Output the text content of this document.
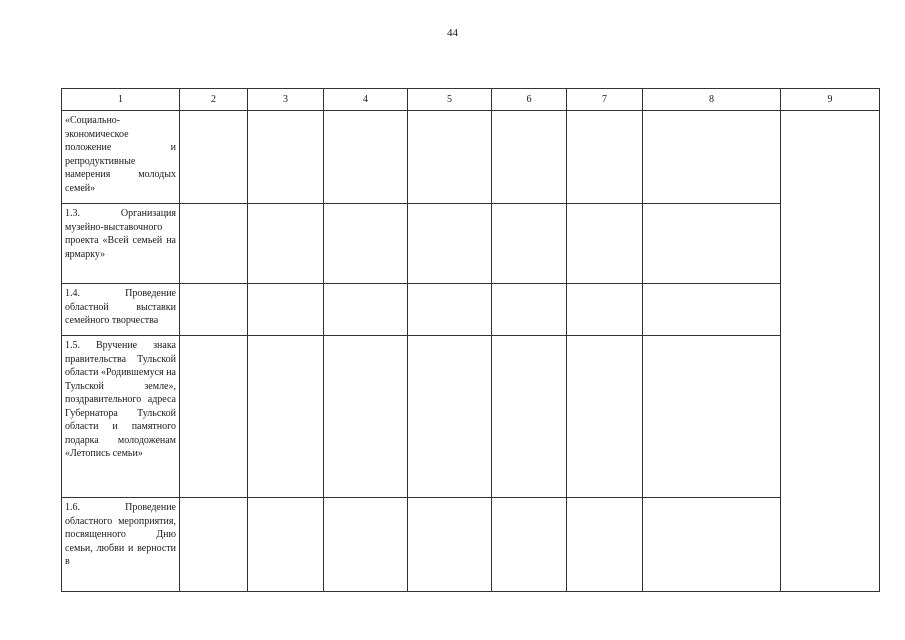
44
1	2	3	4	5	6	7	8	9

«Социально-экономическое положение и репродуктивные намерения молодых семей»								

1.3. Организация музейно-выставочного проекта «Всей семьей на ярмарку»								

1.4. Проведение областной выставки семейного творчества								

1.5. Вручение знака правительства Тульской области «Родившемуся на Тульской земле», поздравительного адреса Губернатора Тульской области и памятного подарка молодоженам «Летопись семьи»								

1.6. Проведение областного мероприятия, посвященного Дню семьи, любви и верности в								
